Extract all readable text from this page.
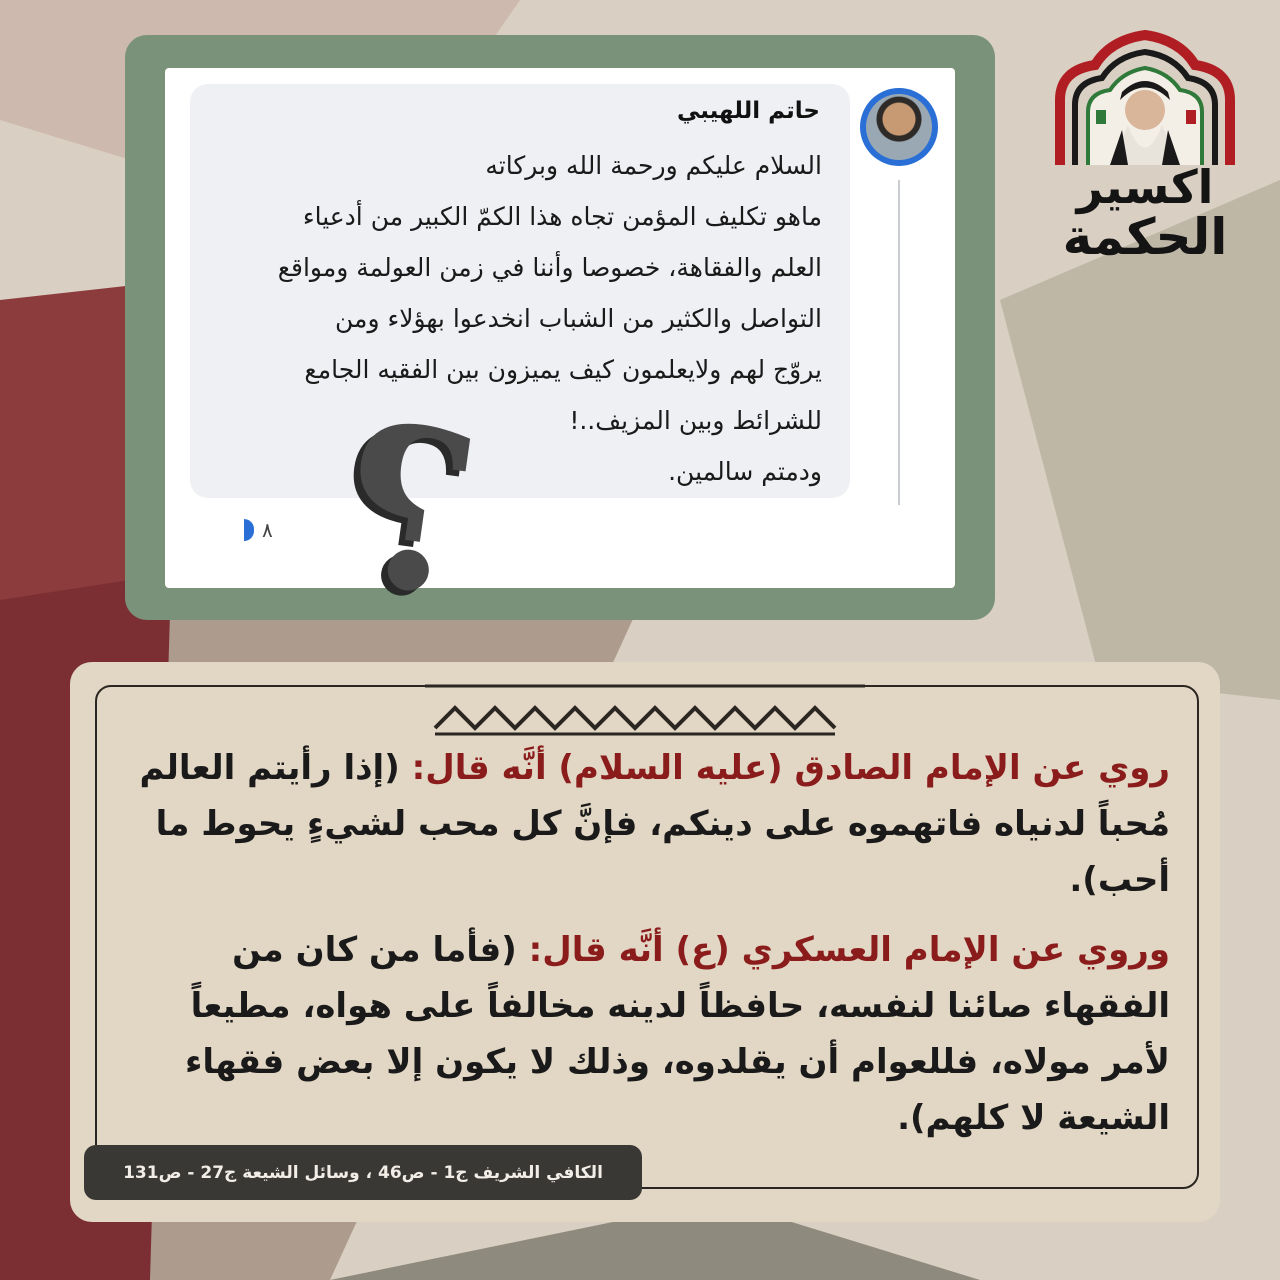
حاتم اللهيبي
السلام عليكم ورحمة الله وبركاته
ماهو تكليف المؤمن تجاه هذا الكمّ الكبير من أدعياء
العلم والفقاهة، خصوصا وأننا في زمن العولمة ومواقع
التواصل والكثير من الشباب انخدعوا بهؤلاء ومن
يروّج لهم ولايعلمون كيف يميزون بين الفقيه الجامع
للشرائط وبين المزيف..!
ودمتم سالمين.
٨ ?
اكسير
الحكمة
روي عن الإمام الصادق (عليه السلام) أنَّه قال: (إذا رأيتم العالم مُحباً لدنياه فاتهموه على دينكم، فإنَّ كل محب لشيءٍ يحوط ما أحب).
وروي عن الإمام العسكري (ع) أنَّه قال: (فأما من كان من الفقهاء صائنا لنفسه، حافظاً لدينه مخالفاً على هواه، مطيعاً لأمر مولاه، فللعوام أن يقلدوه، وذلك لا يكون إلا بعض فقهاء الشيعة لا كلهم).
الكافي الشريف ج1 - ص46 ، وسائل الشيعة ج27 - ص131
